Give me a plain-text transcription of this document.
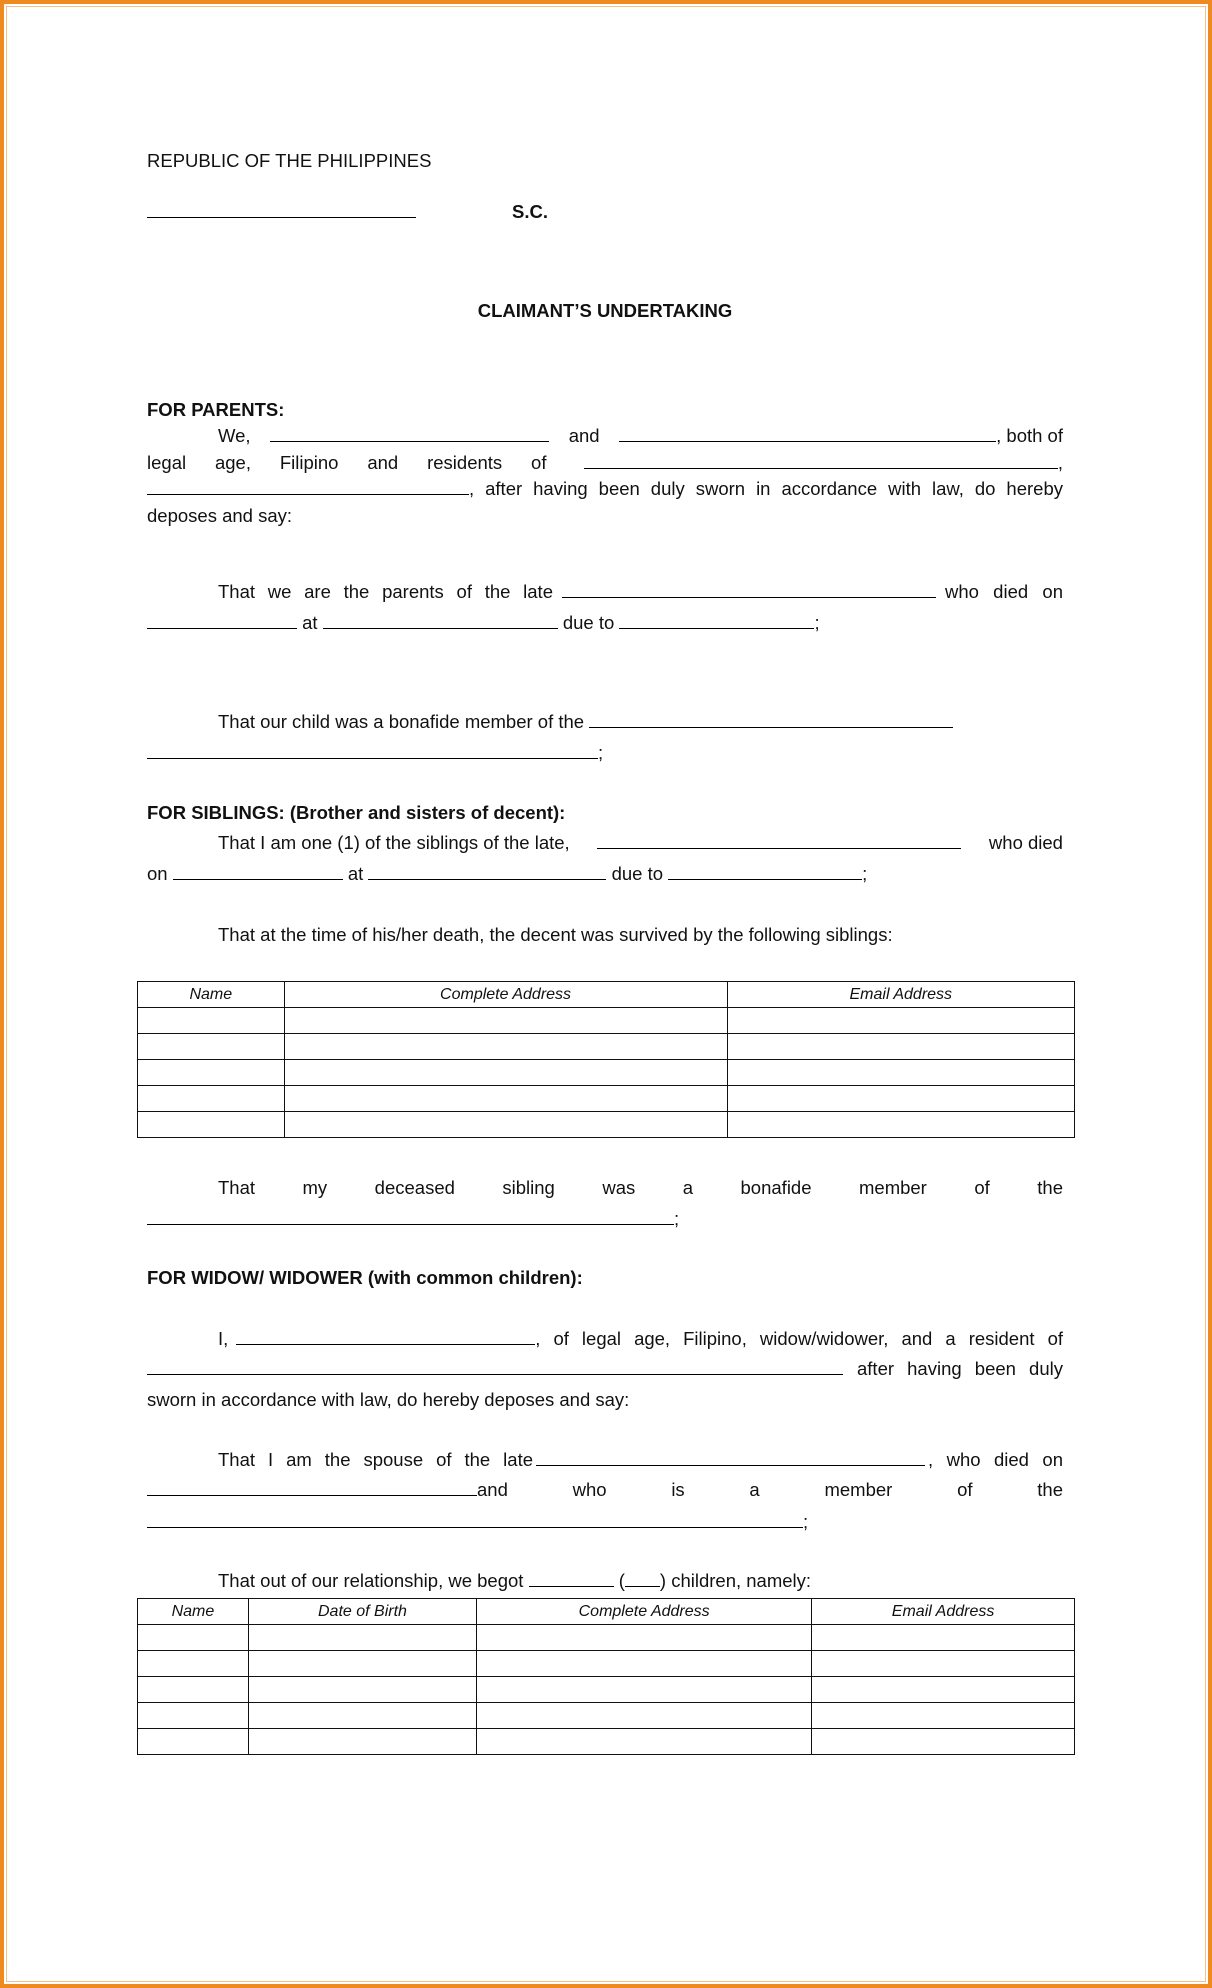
REPUBLIC OF THE PHILIPPINES
S.C.
CLAIMANT’S UNDERTAKING
FOR PARENTS:
We,	and	, both of
legal age, Filipino and residents of	,
, after having been duly sworn in accordance with law, do hereby
deposes and say:
That we are the parents of the late	who died on
at	due to	;
That our child was a bonafide member of the
;
FOR SIBLINGS: (Brother and sisters of decent):
That I am one (1) of the siblings of the late,	who died
on	at	due to	;
That at the time of his/her death, the decent was survived by the following siblings:
Name	Complete Address	Email Address

That my deceased sibling was a bonafide member of the
;
FOR WIDOW/ WIDOWER (with common children):
I,	, of legal age, Filipino, widow/widower, and a resident of
after having been duly
sworn in accordance with law, do hereby deposes and say:
That I am the spouse of the late	, who died on
and who is a member of the
;
That out of our relationship, we begot	( ) children, namely:
Name	Date of Birth	Complete Address	Email Address
